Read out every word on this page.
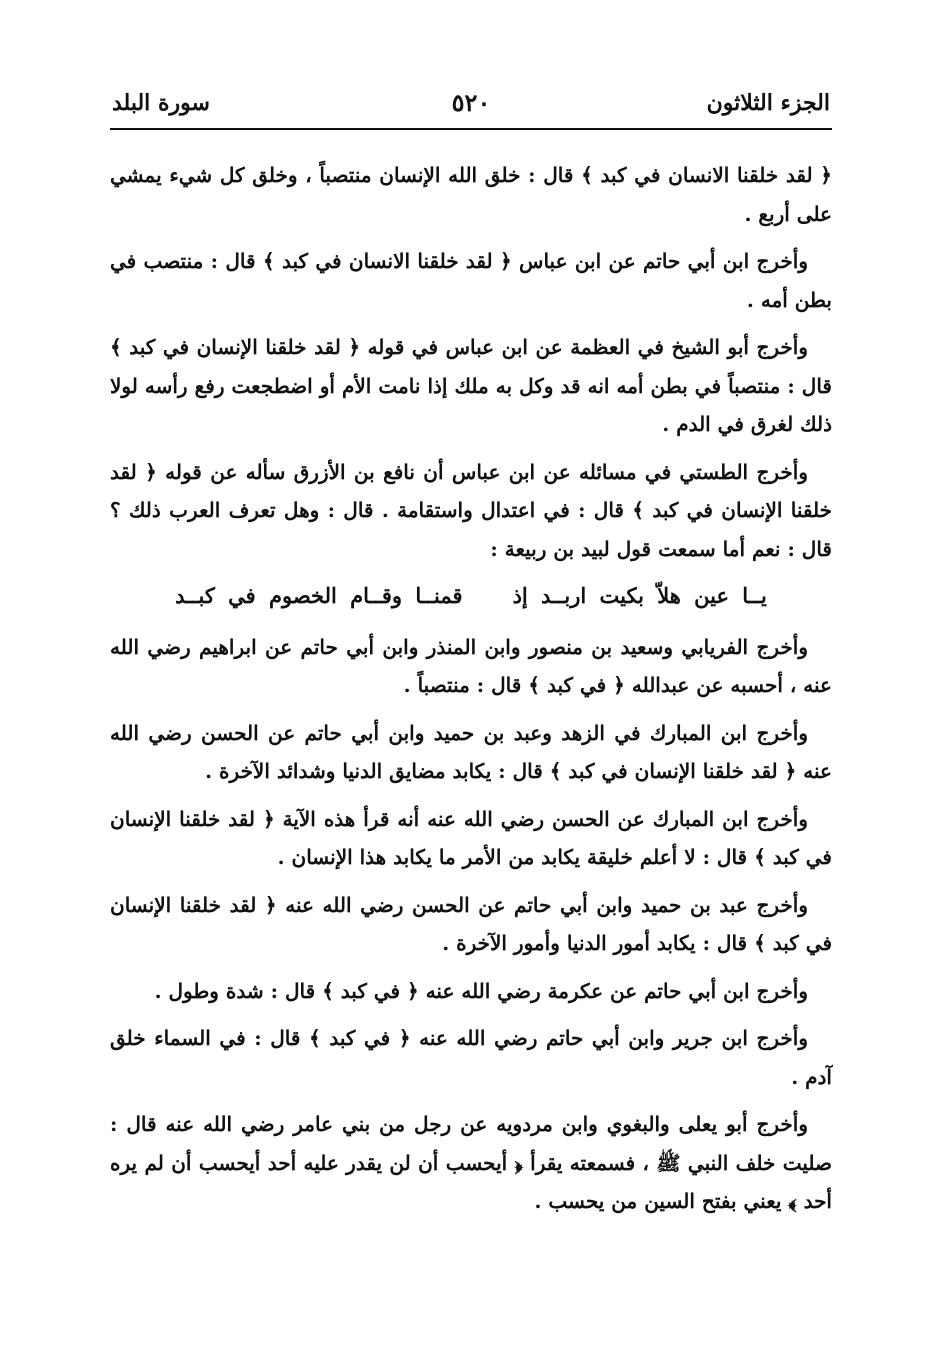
الجزء الثلاثون
٥٢٠
سورة البلد

﴿ لقد خلقنا الانسان في كبد ﴾ قال : خلق الله الإنسان منتصباً ، وخلق كل شيء يمشي على أربع .

وأخرج ابن أبي حاتم عن ابن عباس ﴿ لقد خلقنا الانسان في كبد ﴾ قال : منتصب في بطن أمه .

وأخرج أبو الشيخ في العظمة عن ابن عباس في قوله ﴿ لقد خلقنا الإنسان في كبد ﴾ قال : منتصباً في بطن أمه انه قد وكل به ملك إذا نامت الأم أو اضطجعت رفع رأسه لولا ذلك لغرق في الدم .

وأخرج الطستي في مسائله عن ابن عباس أن نافع بن الأزرق سأله عن قوله ﴿ لقد خلقنا الإنسان في كبد ﴾ قال : في اعتدال واستقامة . قال : وهل تعرف العرب ذلك ؟ قال : نعم أما سمعت قول لبيد بن ربيعة :

يــا عين هلاّ بكيت اربــد إذ
قمنــا وقــام الخصوم في كبــد

وأخرج الفريابي وسعيد بن منصور وابن المنذر وابن أبي حاتم عن ابراهيم رضي الله عنه ، أحسبه عن عبدالله ﴿ في كبد ﴾ قال : منتصباً .

وأخرج ابن المبارك في الزهد وعبد بن حميد وابن أبي حاتم عن الحسن رضي الله عنه ﴿ لقد خلقنا الإنسان في كبد ﴾ قال : يكابد مضايق الدنيا وشدائد الآخرة .

وأخرج ابن المبارك عن الحسن رضي الله عنه أنه قرأ هذه الآية ﴿ لقد خلقنا الإنسان في كبد ﴾ قال : لا أعلم خليقة يكابد من الأمر ما يكابد هذا الإنسان .

وأخرج عبد بن حميد وابن أبي حاتم عن الحسن رضي الله عنه ﴿ لقد خلقنا الإنسان في كبد ﴾ قال : يكابد أمور الدنيا وأمور الآخرة .

وأخرج ابن أبي حاتم عن عكرمة رضي الله عنه ﴿ في كبد ﴾ قال : شدة وطول .

وأخرج ابن جرير وابن أبي حاتم رضي الله عنه ﴿ في كبد ﴾ قال : في السماء خلق آدم .

وأخرج أبو يعلى والبغوي وابن مردويه عن رجل من بني عامر رضي الله عنه قال : صليت خلف النبي ﷺ ، فسمعته يقرأ ﴿ أيحسب أن لن يقدر عليه أحد أيحسب أن لم يره أحد ﴾ يعني بفتح السين من يحسب .
